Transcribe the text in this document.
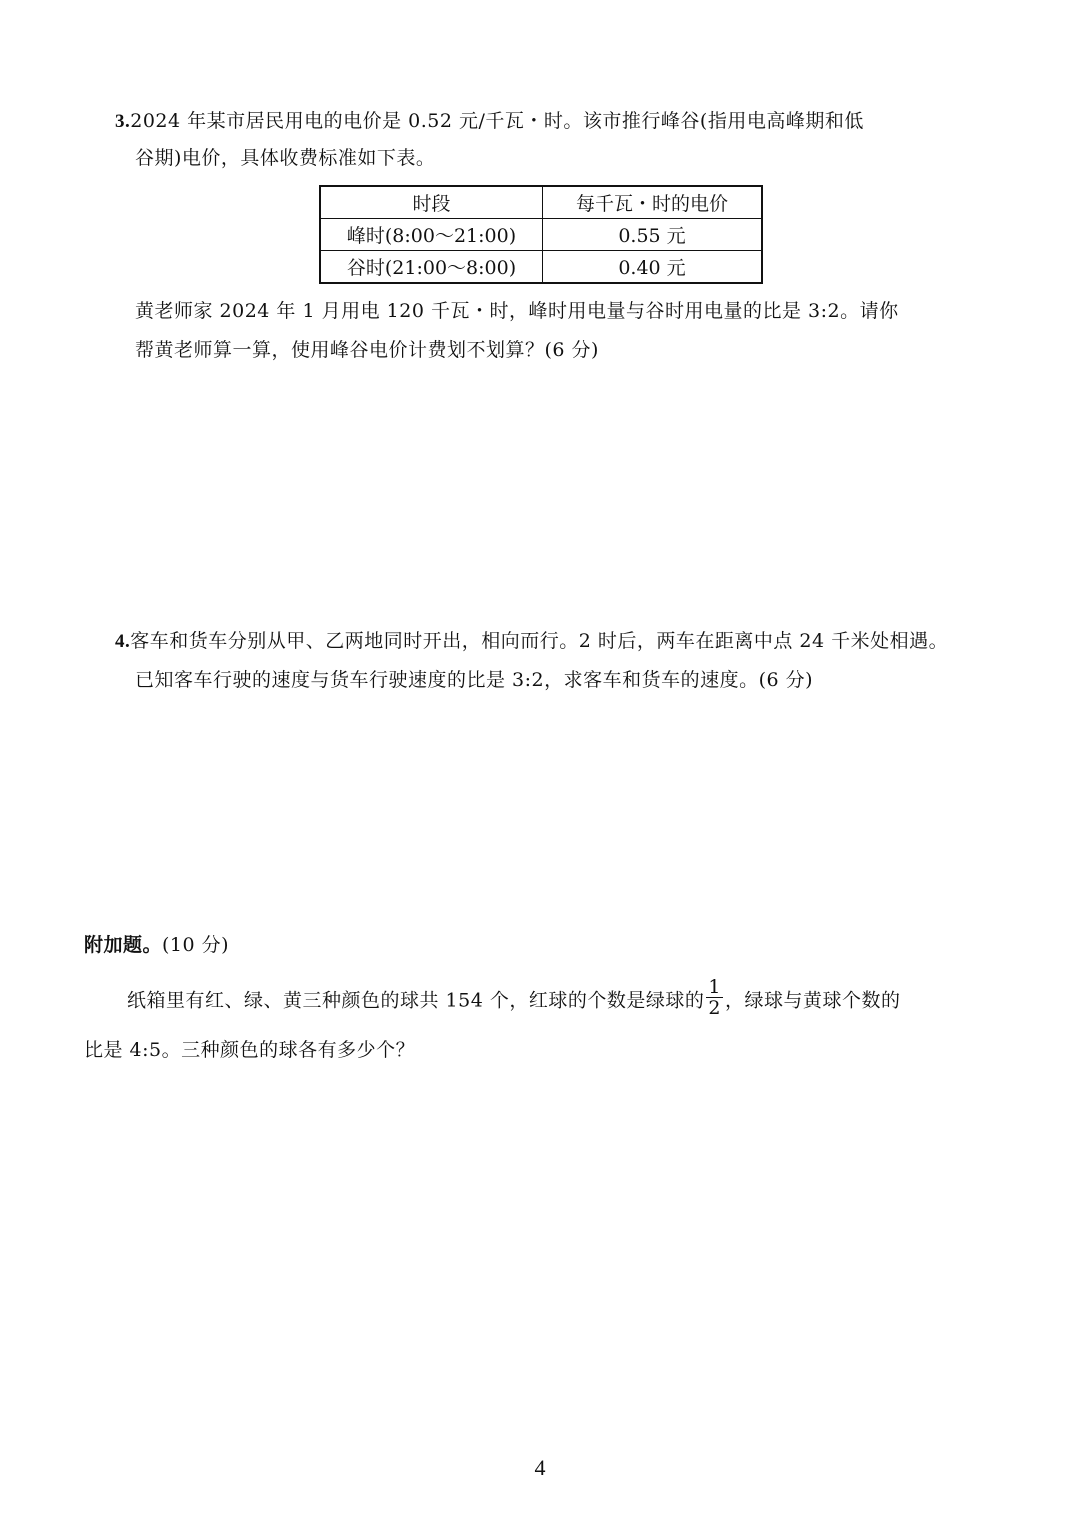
3.2024 年某市居民用电的电价是 0.52 元/千瓦・时。该市推行峰谷(指用电高峰期和低
谷期)电价，具体收费标准如下表。
时段	每千瓦・时的电价
峰时(8:00～21:00)	0.55 元
谷时(21:00～8:00)	0.40 元
黄老师家 2024 年 1 月用电 120 千瓦・时，峰时用电量与谷时用电量的比是 3:2。请你
帮黄老师算一算，使用峰谷电价计费划不划算？(6 分)
4.客车和货车分别从甲、乙两地同时开出，相向而行。2 时后，两车在距离中点 24 千米处相遇。
已知客车行驶的速度与货车行驶速度的比是 3:2，求客车和货车的速度。(6 分)
附加题。(10 分)
纸箱里有红、绿、黄三种颜色的球共 154 个，红球的个数是绿球的 $\frac{1}{2}$ ，绿球与黄球个数的
比是 4:5。三种颜色的球各有多少个？
4
